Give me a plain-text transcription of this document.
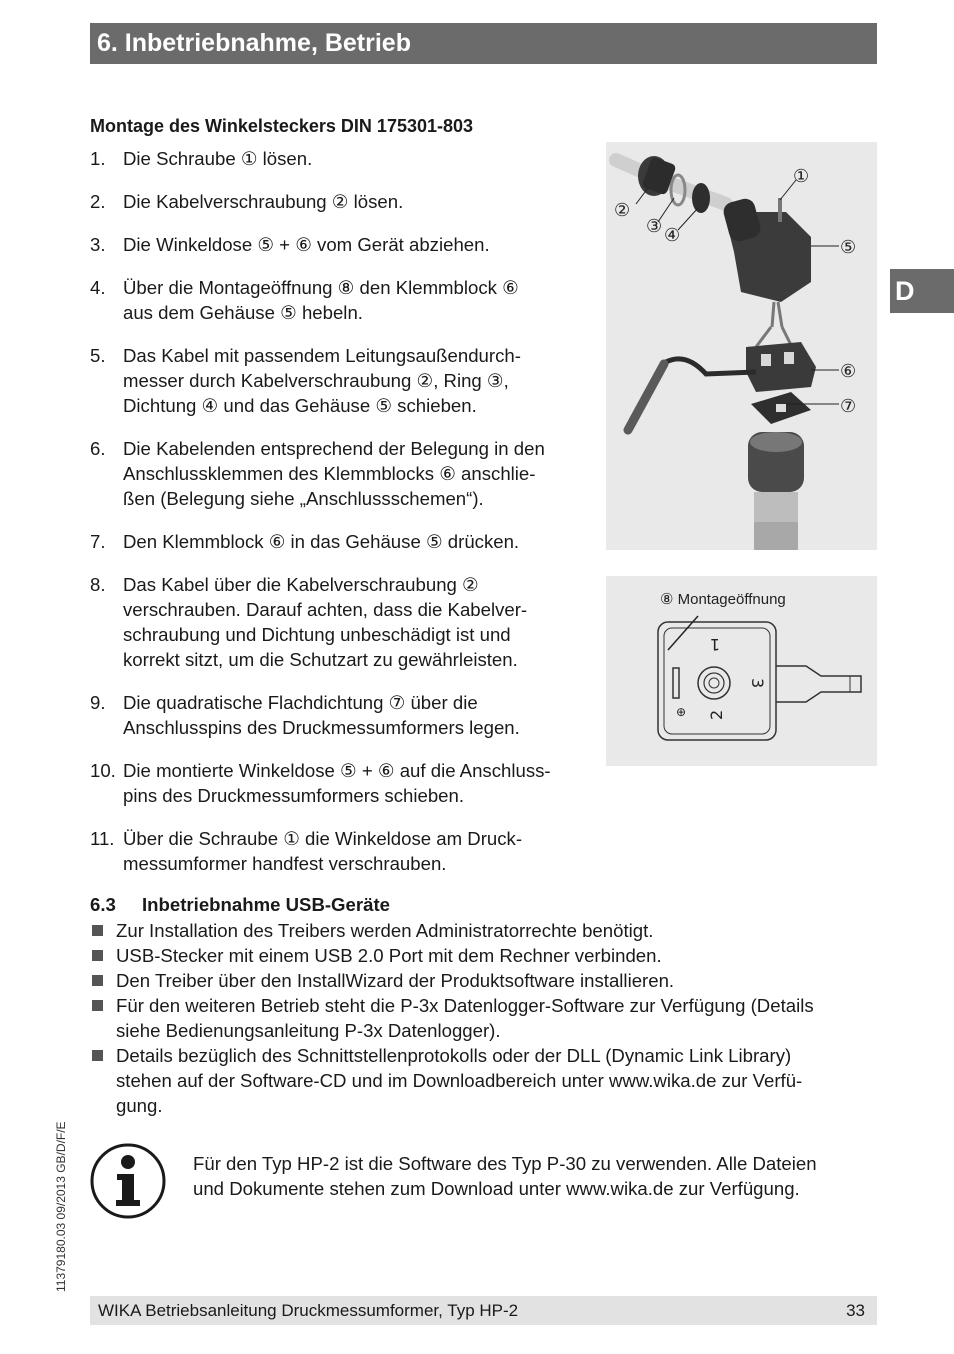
6. Inbetriebnahme, Betrieb
D
Montage des Winkelsteckers DIN 175301-803
1. Die Schraube ① lösen.
2. Die Kabelverschraubung ② lösen.
3. Die Winkeldose ⑤ + ⑥ vom Gerät abziehen.
4. Über die Montageöffnung ⑧ den Klemmblock ⑥
aus dem Gehäuse ⑤ hebeln.
5. Das Kabel mit passendem Leitungsaußendurch-
messer durch Kabelverschraubung ②, Ring ③,
Dichtung ④ und das Gehäuse ⑤ schieben.
6. Die Kabelenden entsprechend der Belegung in den
Anschlussklemmen des Klemmblocks ⑥ anschlie-
ßen (Belegung siehe „Anschlussschemen“).
7. Den Klemmblock ⑥ in das Gehäuse ⑤ drücken.
8. Das Kabel über die Kabelverschraubung ②
verschrauben. Darauf achten, dass die Kabelver-
schraubung und Dichtung unbeschädigt ist und
korrekt sitzt, um die Schutzart zu gewährleisten.
9. Die quadratische Flachdichtung ⑦ über die
Anschlusspins des Druckmessumformers legen.
10. Die montierte Winkeldose ⑤ + ⑥ auf die Anschluss-
pins des Druckmessumformers schieben.
11. Über die Schraube ① die Winkeldose am Druck-
messumformer handfest verschrauben.
①
②
③ ④
⑤
⑥
⑦
⑧ Montageöffnung
1
2
3
⊕
6.3 Inbetriebnahme USB-Geräte
Zur Installation des Treibers werden Administratorrechte benötigt.
USB-Stecker mit einem USB 2.0 Port mit dem Rechner verbinden.
Den Treiber über den InstallWizard der Produktsoftware installieren.
Für den weiteren Betrieb steht die P-3x Datenlogger-Software zur Verfügung (Details
siehe Bedienungsanleitung P-3x Datenlogger).
Details bezüglich des Schnittstellenprotokolls oder der DLL (Dynamic Link Library)
stehen auf der Software-CD und im Downloadbereich unter www.wika.de zur Verfü-
gung.
Für den Typ HP-2 ist die Software des Typ P-30 zu verwenden. Alle Dateien
und Dokumente stehen zum Download unter www.wika.de zur Verfügung.
11379180.03 09/2013 GB/D/F/E
WIKA Betriebsanleitung Druckmessumformer, Typ HP-2	33
